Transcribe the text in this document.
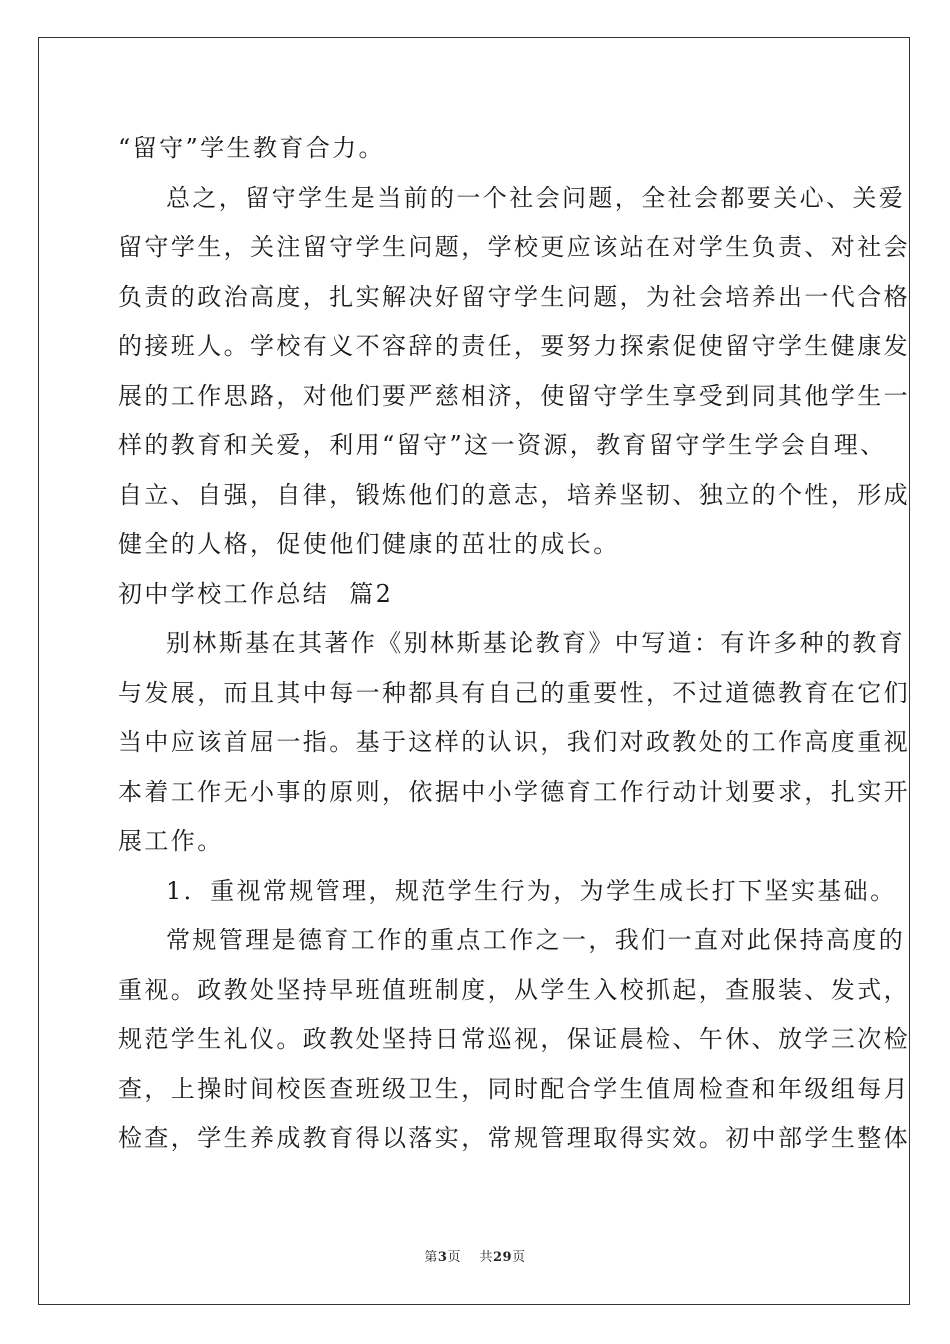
“留守”学生教育合力。
总之，留守学生是当前的一个社会问题，全社会都要关心、关爱
留守学生，关注留守学生问题，学校更应该站在对学生负责、对社会
负责的政治高度，扎实解决好留守学生问题，为社会培养出一代合格
的接班人。学校有义不容辞的责任，要努力探索促使留守学生健康发
展的工作思路，对他们要严慈相济，使留守学生享受到同其他学生一
样的教育和关爱，利用“留守”这一资源，教育留守学生学会自理、
自立、自强，自律，锻炼他们的意志，培养坚韧、独立的个性，形成
健全的人格，促使他们健康的茁壮的成长。
初中学校工作总结  篇2
别林斯基在其著作《别林斯基论教育》中写道：有许多种的教育
与发展，而且其中每一种都具有自己的重要性，不过道德教育在它们
当中应该首屈一指。基于这样的认识，我们对政教处的工作高度重视
本着工作无小事的原则，依据中小学德育工作行动计划要求，扎实开
展工作。
1．重视常规管理，规范学生行为，为学生成长打下坚实基础。
常规管理是德育工作的重点工作之一，我们一直对此保持高度的
重视。政教处坚持早班值班制度，从学生入校抓起，查服装、发式，
规范学生礼仪。政教处坚持日常巡视，保证晨检、午休、放学三次检
查，上操时间校医查班级卫生，同时配合学生值周检查和年级组每月
检查，学生养成教育得以落实，常规管理取得实效。初中部学生整体
第3页 共29页
